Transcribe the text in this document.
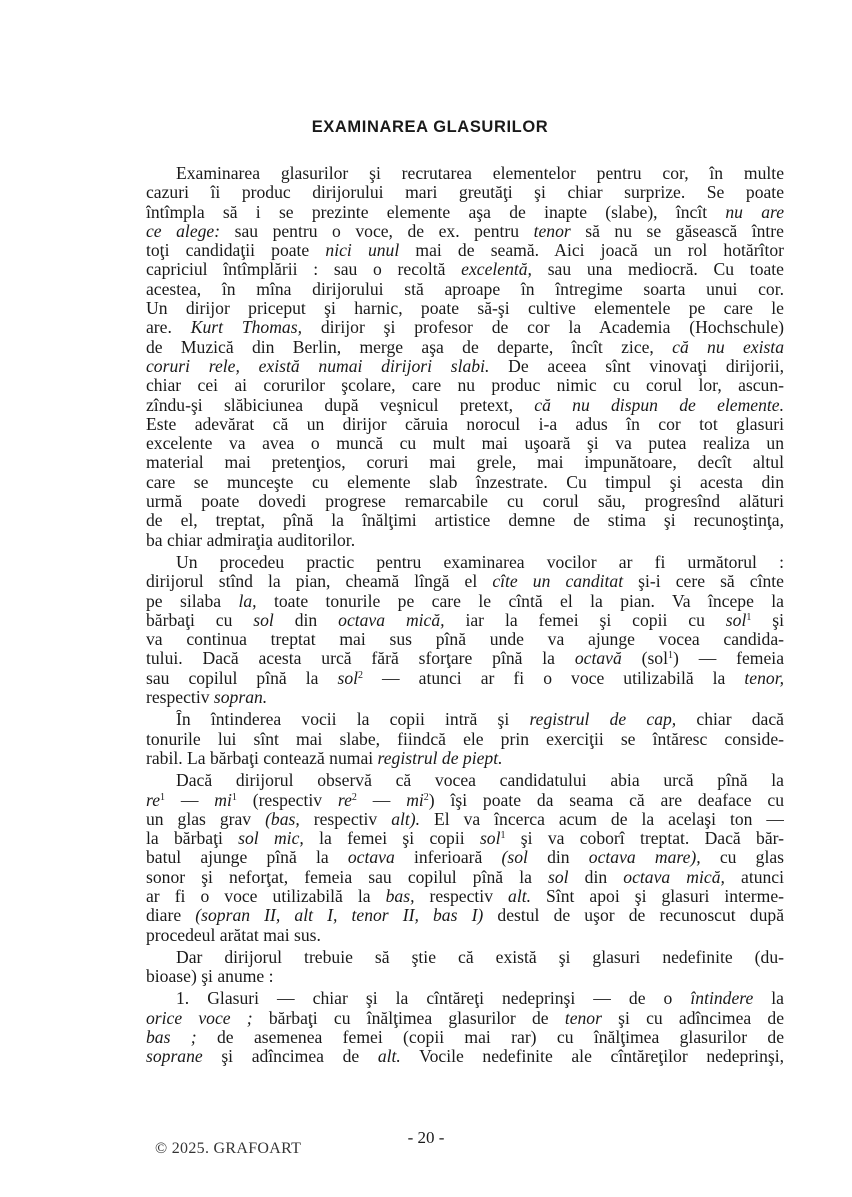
EXAMINAREA GLASURILOR
Examinarea glasurilor şi recrutarea elementelor pentru cor, în multe
cazuri îi produc dirijorului mari greutăţi şi chiar surprize. Se poate
întîmpla să i se prezinte elemente aşa de inapte (slabe), încît nu are
ce alege: sau pentru o voce, de ex. pentru tenor să nu se găsească între
toţi candidaţii poate nici unul mai de seamă. Aici joacă un rol hotărîtor
capriciul întîmplării : sau o recoltă excelentă, sau una mediocră. Cu toate
acestea, în mîna dirijorului stă aproape în întregime soarta unui cor.
Un dirijor priceput şi harnic, poate să-şi cultive elementele pe care le
are. Kurt Thomas, dirijor şi profesor de cor la Academia (Hochschule)
de Muzică din Berlin, merge aşa de departe, încît zice, că nu exista
coruri rele, există numai dirijori slabi. De aceea sînt vinovaţi dirijorii,
chiar cei ai corurilor şcolare, care nu produc nimic cu corul lor, ascun-
zîndu-şi slăbiciunea după veşnicul pretext, că nu dispun de elemente.
Este adevărat că un dirijor căruia norocul i-a adus în cor tot glasuri
excelente va avea o muncă cu mult mai uşoară şi va putea realiza un
material mai pretenţios, coruri mai grele, mai impunătoare, decît altul
care se munceşte cu elemente slab înzestrate. Cu timpul şi acesta din
urmă poate dovedi progrese remarcabile cu corul său, progresînd alături
de el, treptat, pînă la înălţimi artistice demne de stima şi recunoştinţa,
ba chiar admiraţia auditorilor.
Un procedeu practic pentru examinarea vocilor ar fi următorul :
dirijorul stînd la pian, cheamă lîngă el cîte un canditat şi-i cere să cînte
pe silaba la, toate tonurile pe care le cîntă el la pian. Va începe la
bărbaţi cu sol din octava mică, iar la femei şi copii cu sol$^1$ şi
va continua treptat mai sus pînă unde va ajunge vocea candida-
tului. Dacă acesta urcă fără sforţare pînă la octavă (sol$^1$) — femeia
sau copilul pînă la sol$^2$ — atunci ar fi o voce utilizabilă la tenor,
respectiv sopran.
În întinderea vocii la copii intră şi registrul de cap, chiar dacă
tonurile lui sînt mai slabe, fiindcă ele prin exerciţii se întăresc conside-
rabil. La bărbaţi contează numai registrul de piept.
Dacă dirijorul observă că vocea candidatului abia urcă pînă la
$re^1$ — $mi^1$ (respectiv $re^2$ — $mi^2$) îşi poate da seama că are deaface cu
un glas grav (bas, respectiv alt). El va încerca acum de la acelaşi ton —
la bărbaţi sol mic, la femei şi copii sol$^1$ şi va coborî treptat. Dacă băr-
batul ajunge pînă la octava inferioară (sol din octava mare), cu glas
sonor şi neforţat, femeia sau copilul pînă la sol din octava mică, atunci
ar fi o voce utilizabilă la bas, respectiv alt. Sînt apoi şi glasuri interme-
diare (sopran II, alt I, tenor II, bas I) destul de uşor de recunoscut după
procedeul arătat mai sus.
Dar dirijorul trebuie să ştie că există şi glasuri nedefinite (du-
bioase) şi anume :
1. Glasuri — chiar şi la cîntăreţi nedeprinşi — de o întindere la
orice voce ; bărbaţi cu înălţimea glasurilor de tenor şi cu adîncimea de
bas ; de asemenea femei (copii mai rar) cu înălţimea glasurilor de
soprane şi adîncimea de alt. Vocile nedefinite ale cîntăreţilor nedeprinşi,
- 20 -
© 2025. GRAFOART
